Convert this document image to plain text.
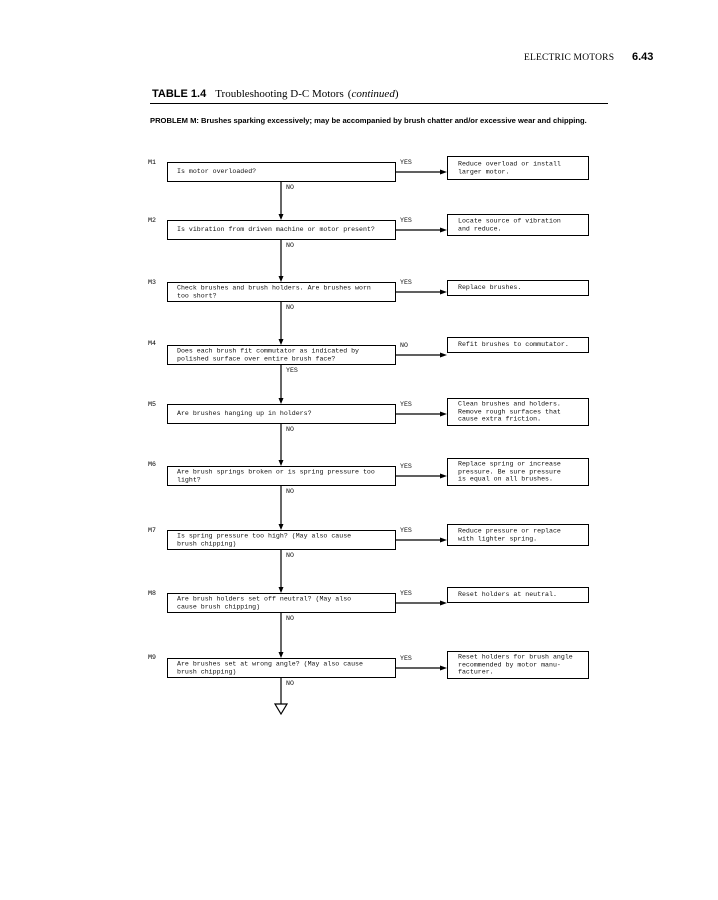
ELECTRIC MOTORS 6.43
TABLE 1.4 Troubleshooting D-C Motors (continued)
PROBLEM M: Brushes sparking excessively; may be accompanied by brush chatter and/or excessive wear and chipping.
M1
Is motor overloaded?
Reduce overload or install
larger motor.
YES
NO
M2
Is vibration from driven machine or motor present?
Locate source of vibration
and reduce.
YES
NO
M3
Check brushes and brush holders. Are brushes worn
too short?
Replace brushes.
YES
NO
M4
Does each brush fit commutator as indicated by
polished surface over entire brush face?
Refit brushes to commutator.
NO
YES
M5
Are brushes hanging up in holders?
Clean brushes and holders.
Remove rough surfaces that
cause extra friction.
YES
NO
M6
Are brush springs broken or is spring pressure too
light?
Replace spring or increase
pressure. Be sure pressure
is equal on all brushes.
YES
NO
M7
Is spring pressure too high? (May also cause
brush chipping)
Reduce pressure or replace
with lighter spring.
YES
NO
M8
Are brush holders set off neutral? (May also
cause brush chipping)
Reset holders at neutral.
YES
NO
M9
Are brushes set at wrong angle? (May also cause
brush chipping)
Reset holders for brush angle
recommended by motor manu-
facturer.
YES
NO
